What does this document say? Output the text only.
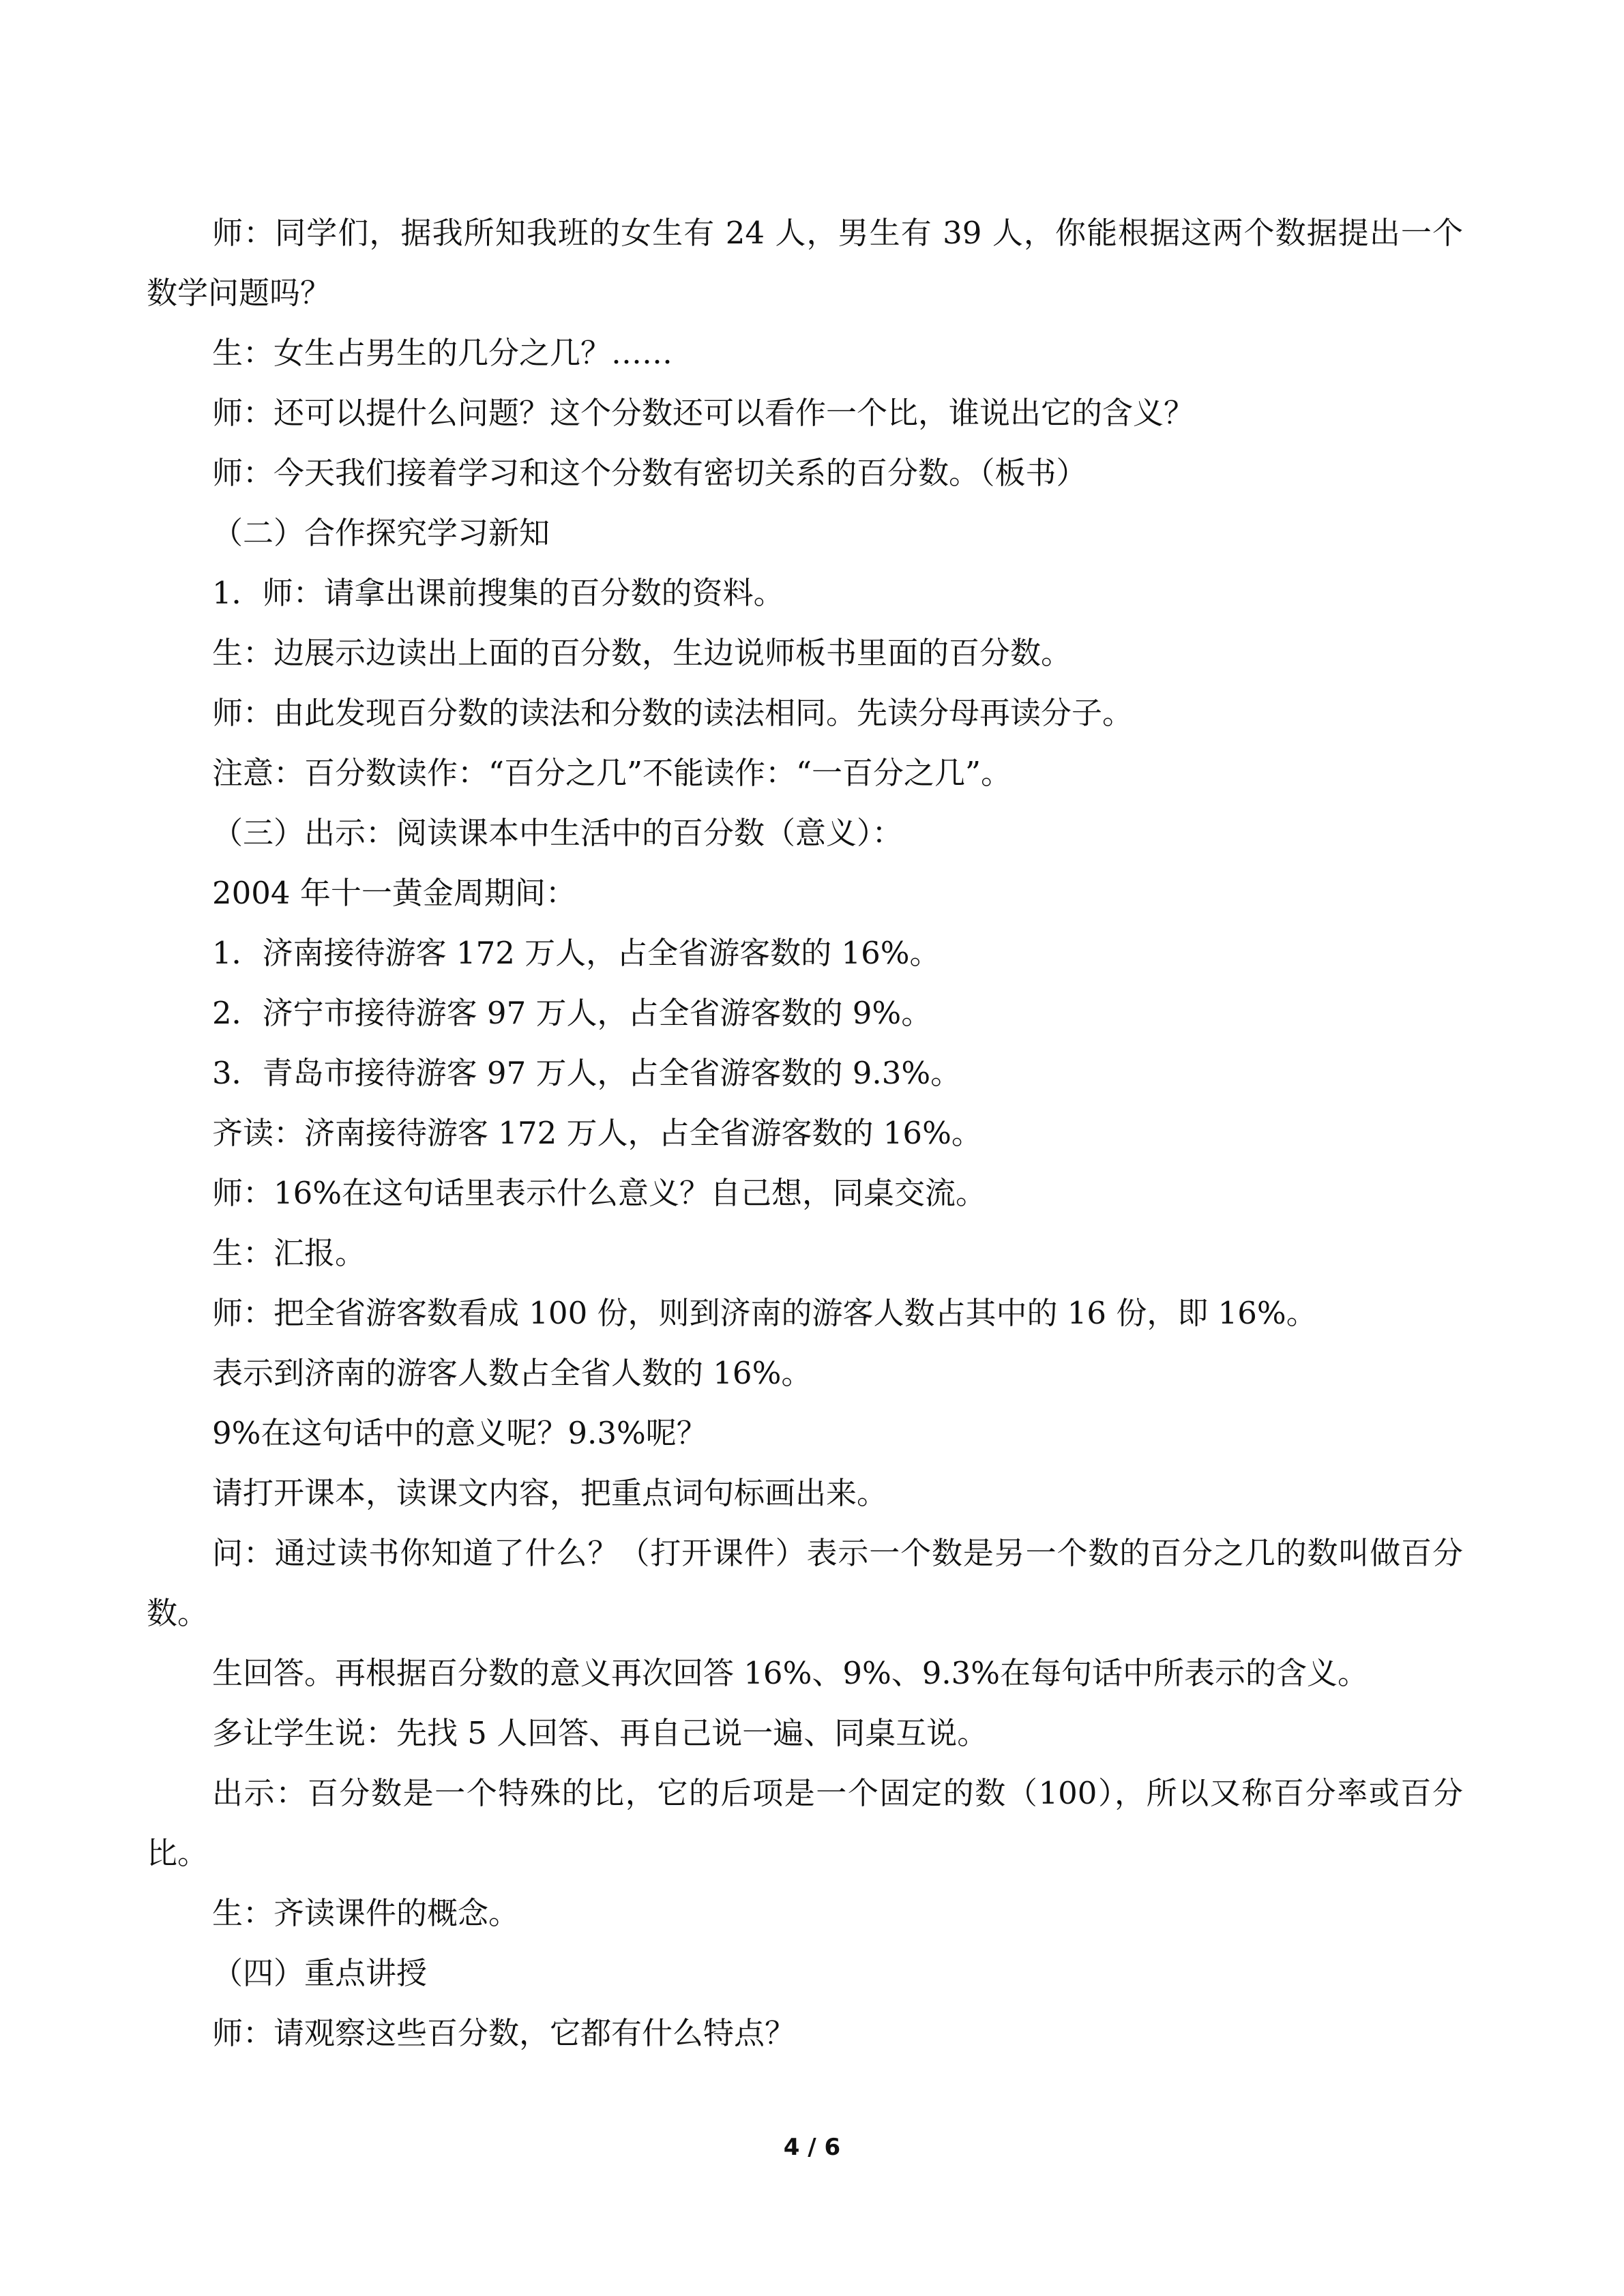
师：同学们，据我所知我班的女生有 24 人，男生有 39 人，你能根据这两个数据提出一个数学问题吗？

生：女生占男生的几分之几？……

师：还可以提什么问题？这个分数还可以看作一个比，谁说出它的含义？

师：今天我们接着学习和这个分数有密切关系的百分数。（板书）

（二）合作探究学习新知

1．师：请拿出课前搜集的百分数的资料。

生：边展示边读出上面的百分数，生边说师板书里面的百分数。

师：由此发现百分数的读法和分数的读法相同。先读分母再读分子。

注意：百分数读作：“百分之几”不能读作：“一百分之几”。

（三）出示：阅读课本中生活中的百分数（意义）：

2004 年十一黄金周期间：

1．济南接待游客 172 万人，占全省游客数的 16%。

2．济宁市接待游客 97 万人，占全省游客数的 9%。

3．青岛市接待游客 97 万人，占全省游客数的 9.3%。

齐读：济南接待游客 172 万人，占全省游客数的 16%。

师：16%在这句话里表示什么意义？自己想，同桌交流。

生：汇报。

师：把全省游客数看成 100 份，则到济南的游客人数占其中的 16 份，即 16%。

表示到济南的游客人数占全省人数的 16%。

9%在这句话中的意义呢？9.3%呢？

请打开课本，读课文内容，把重点词句标画出来。

问：通过读书你知道了什么？（打开课件）表示一个数是另一个数的百分之几的数叫做百分数。

生回答。再根据百分数的意义再次回答 16%、9%、9.3%在每句话中所表示的含义。

多让学生说：先找 5 人回答、再自己说一遍、同桌互说。

出示：百分数是一个特殊的比，它的后项是一个固定的数（100），所以又称百分率或百分比。

生：齐读课件的概念。

（四）重点讲授

师：请观察这些百分数，它都有什么特点？

4 / 6
